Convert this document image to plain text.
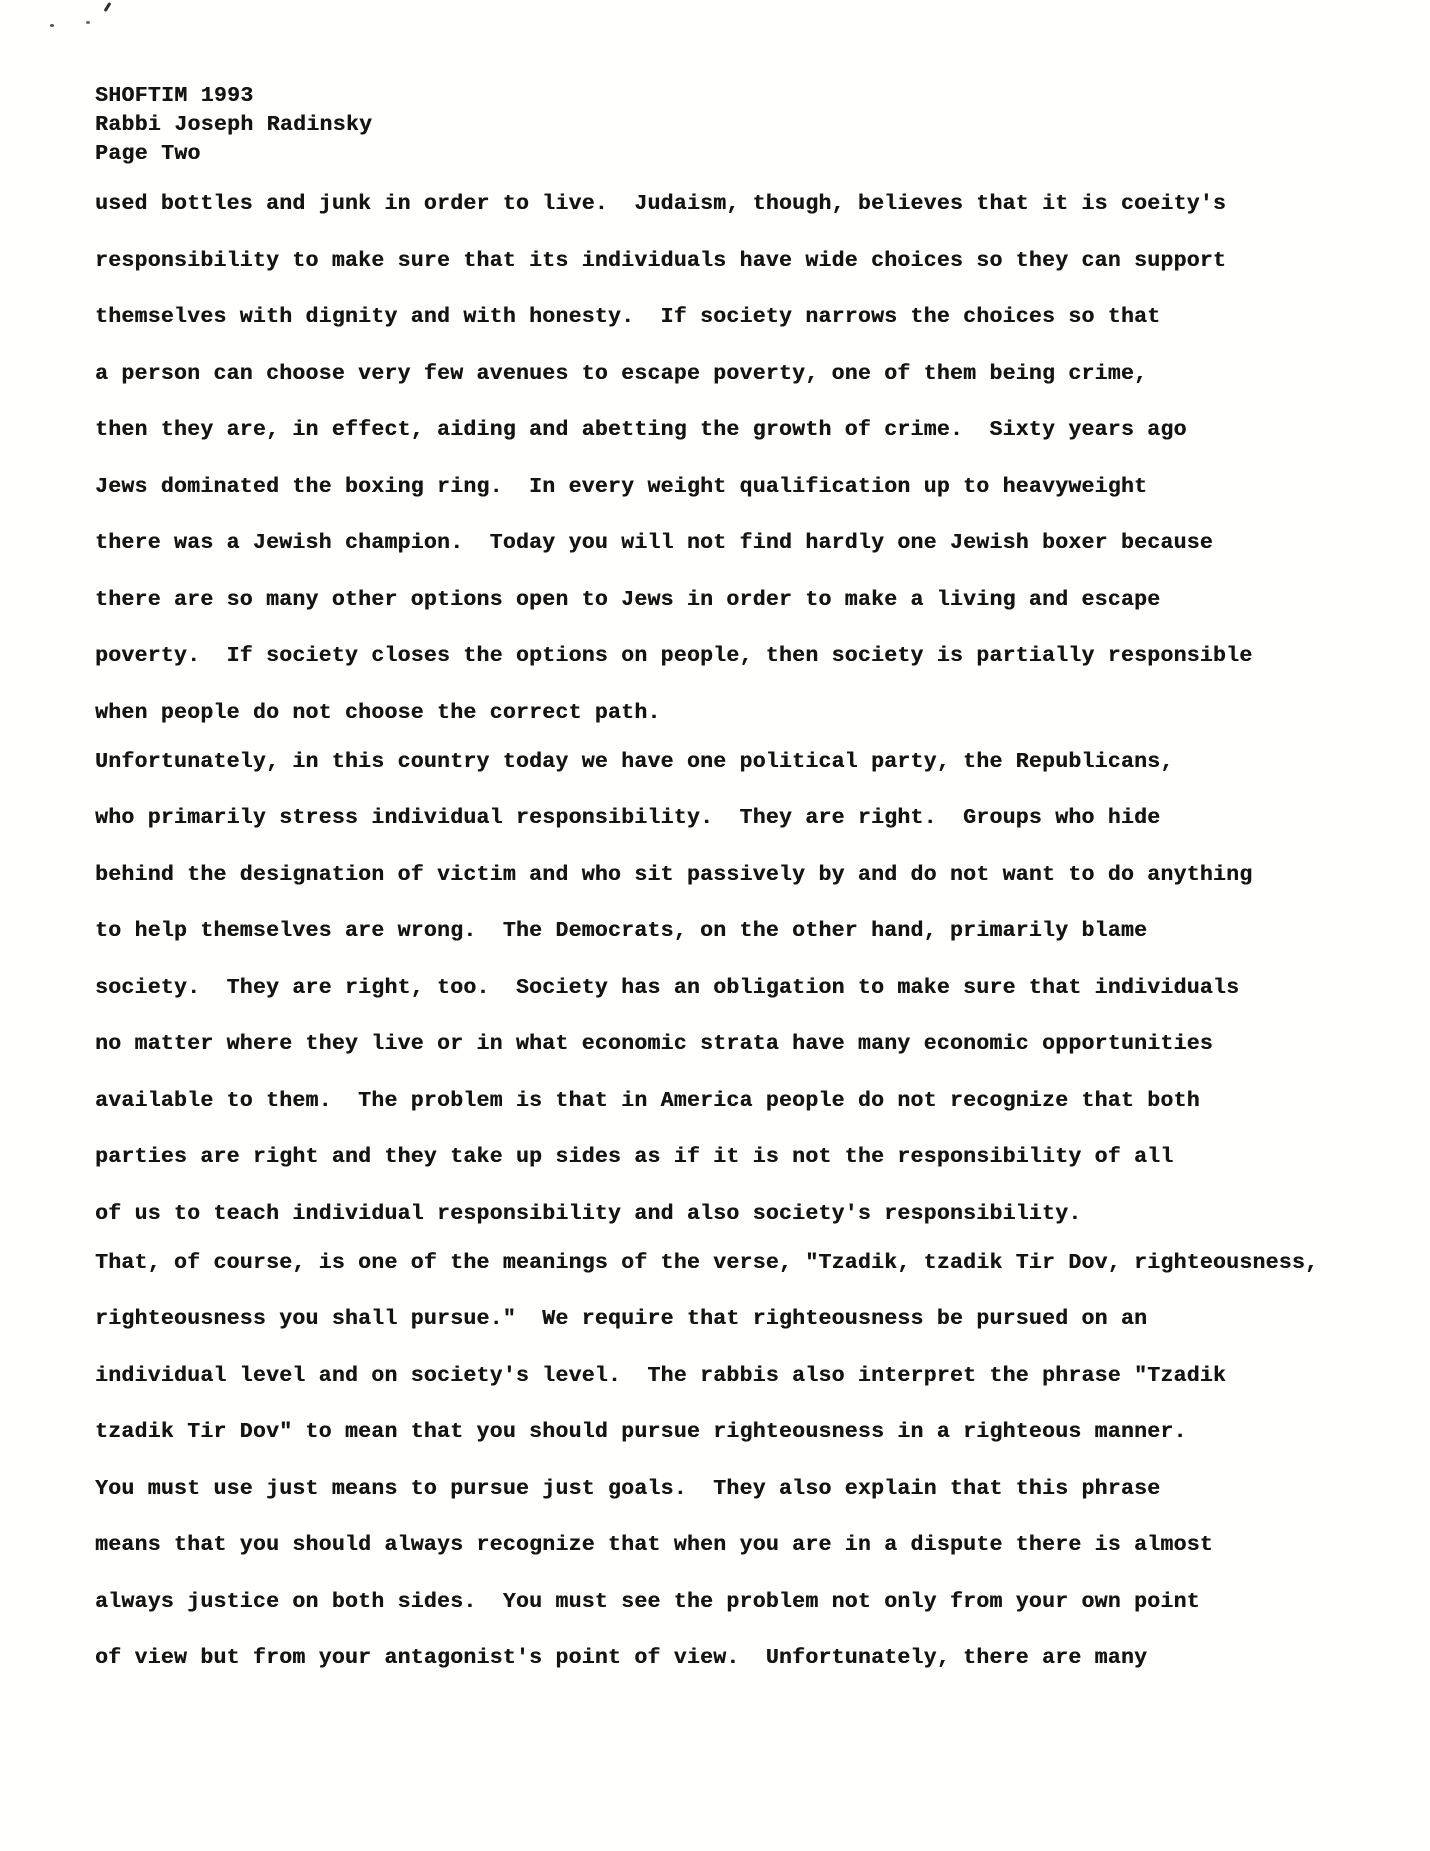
SHOFTIM 1993
Rabbi Joseph Radinsky
Page Two
used bottles and junk in order to live.  Judaism, though, believes that it is coeity's
responsibility to make sure that its individuals have wide choices so they can support
themselves with dignity and with honesty.  If society narrows the choices so that
a person can choose very few avenues to escape poverty, one of them being crime,
then they are, in effect, aiding and abetting the growth of crime.  Sixty years ago
Jews dominated the boxing ring.  In every weight qualification up to heavyweight
there was a Jewish champion.  Today you will not find hardly one Jewish boxer because
there are so many other options open to Jews in order to make a living and escape
poverty.  If society closes the options on people, then society is partially responsible
when people do not choose the correct path.
Unfortunately, in this country today we have one political party, the Republicans,
who primarily stress individual responsibility.  They are right.  Groups who hide
behind the designation of victim and who sit passively by and do not want to do anything
to help themselves are wrong.  The Democrats, on the other hand, primarily blame
society.  They are right, too.  Society has an obligation to make sure that individuals
no matter where they live or in what economic strata have many economic opportunities
available to them.  The problem is that in America people do not recognize that both
parties are right and they take up sides as if it is not the responsibility of all
of us to teach individual responsibility and also society's responsibility.
That, of course, is one of the meanings of the verse, "Tzadik, tzadik Tir Dov, righteousness,
righteousness you shall pursue."  We require that righteousness be pursued on an
individual level and on society's level.  The rabbis also interpret the phrase "Tzadik
tzadik Tir Dov" to mean that you should pursue righteousness in a righteous manner.
You must use just means to pursue just goals.  They also explain that this phrase
means that you should always recognize that when you are in a dispute there is almost
always justice on both sides.  You must see the problem not only from your own point
of view but from your antagonist's point of view.  Unfortunately, there are many
